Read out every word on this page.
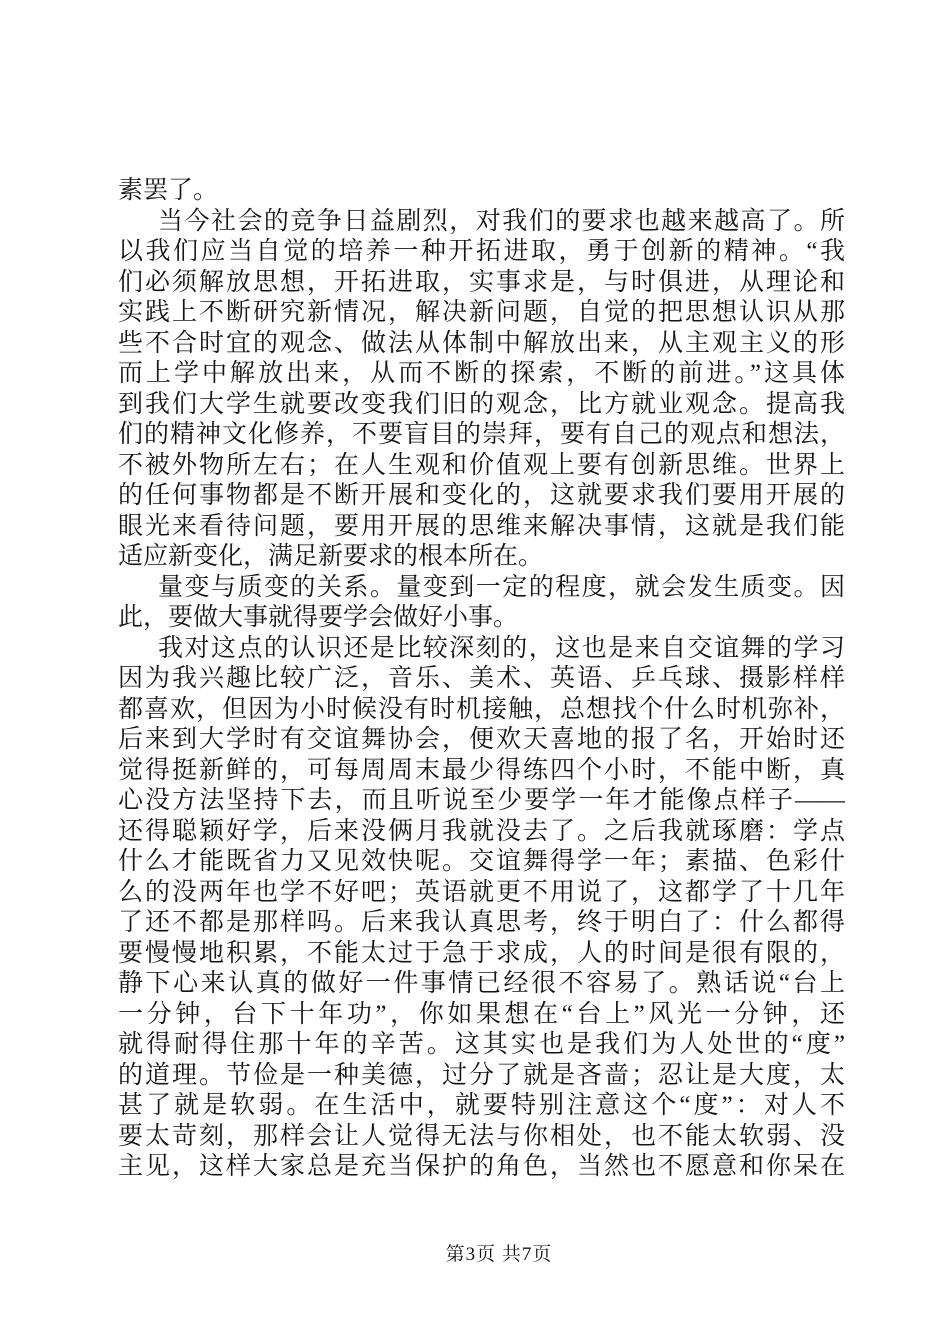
素罢了。
当今社会的竞争日益剧烈，对我们的要求也越来越高了。所
以我们应当自觉的培养一种开拓进取，勇于创新的精神。“我
们必须解放思想，开拓进取，实事求是，与时俱进，从理论和
实践上不断研究新情况，解决新问题，自觉的把思想认识从那
些不合时宜的观念、做法从体制中解放出来，从主观主义的形
而上学中解放出来，从而不断的探索，不断的前进。”这具体
到我们大学生就要改变我们旧的观念，比方就业观念。提高我
们的精神文化修养，不要盲目的崇拜，要有自己的观点和想法，
不被外物所左右；在人生观和价值观上要有创新思维。世界上
的任何事物都是不断开展和变化的，这就要求我们要用开展的
眼光来看待问题，要用开展的思维来解决事情，这就是我们能
适应新变化，满足新要求的根本所在。
量变与质变的关系。量变到一定的程度，就会发生质变。因
此，要做大事就得要学会做好小事。
我对这点的认识还是比较深刻的，这也是来自交谊舞的学习
因为我兴趣比较广泛，音乐、美术、英语、乒乓球、摄影样样
都喜欢，但因为小时候没有时机接触，总想找个什么时机弥补，
后来到大学时有交谊舞协会，便欢天喜地的报了名，开始时还
觉得挺新鲜的，可每周周末最少得练四个小时，不能中断，真
心没方法坚持下去，而且听说至少要学一年才能像点样子——
还得聪颖好学，后来没俩月我就没去了。之后我就琢磨：学点
什么才能既省力又见效快呢。交谊舞得学一年；素描、色彩什
么的没两年也学不好吧；英语就更不用说了，这都学了十几年
了还不都是那样吗。后来我认真思考，终于明白了：什么都得
要慢慢地积累，不能太过于急于求成，人的时间是很有限的，
静下心来认真的做好一件事情已经很不容易了。熟话说“台上
一分钟，台下十年功”，你如果想在“台上”风光一分钟，还
就得耐得住那十年的辛苦。这其实也是我们为人处世的“度”
的道理。节俭是一种美德，过分了就是吝啬；忍让是大度，太
甚了就是软弱。在生活中，就要特别注意这个“度”：对人不
要太苛刻，那样会让人觉得无法与你相处，也不能太软弱、没
主见，这样大家总是充当保护的角色，当然也不愿意和你呆在
第3页 共7页
